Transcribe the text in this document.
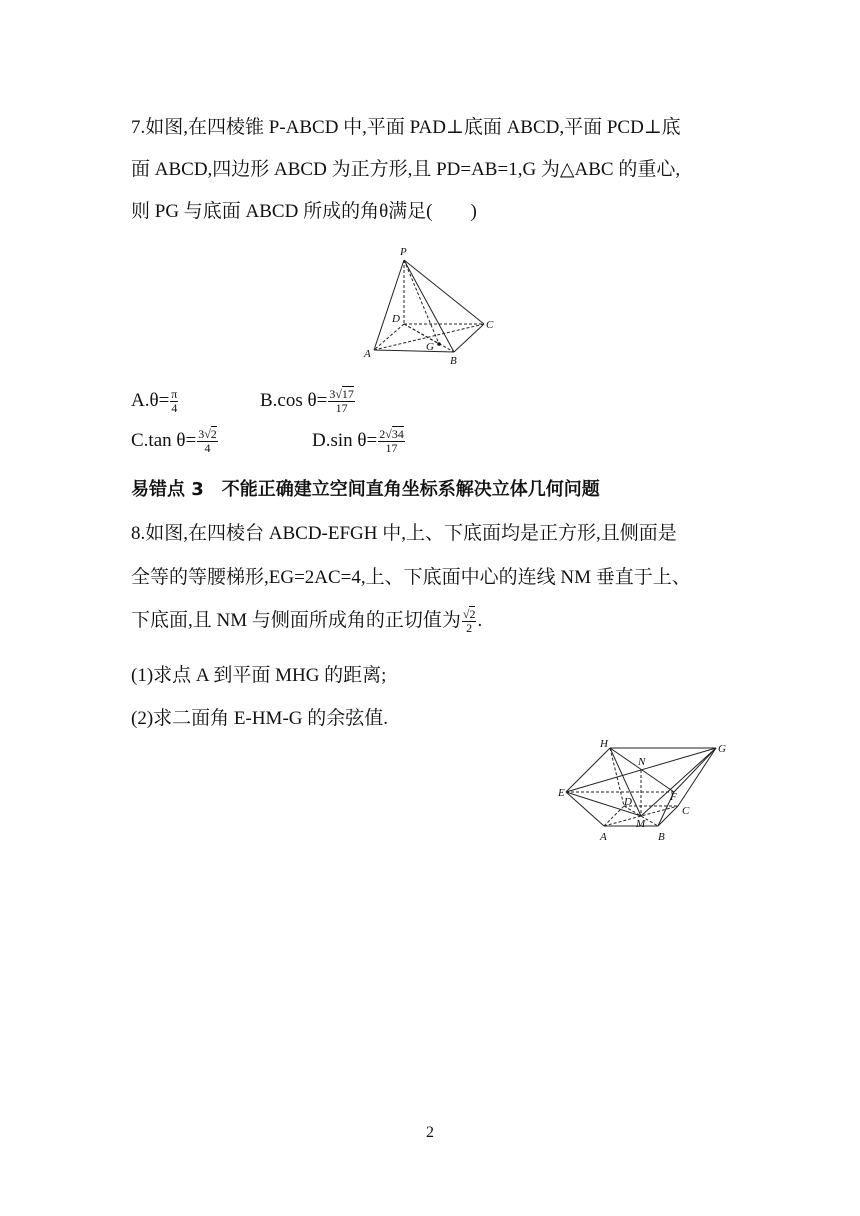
7.如图,在四棱锥 P-ABCD 中,平面 PAD⊥底面 ABCD,平面 PCD⊥底
面 ABCD,四边形 ABCD 为正方形,且 PD=AB=1,G 为△ABC 的重心,
则 PG 与底面 ABCD 所成的角θ满足(　　)
P
D	C
A
G
B
$A.\theta= \frac{\pi}{4}$	B.cos $\theta= \frac{3√17}{17}$
C.tan $\theta= \frac{3√2}{4}$	D.sin $\theta= \frac{2√34}{17}$
易错点 3　不能正确建立空间直角坐标系解决立体几何问题
8.如图,在四棱台 ABCD-EFGH 中,上、下底面均是正方形,且侧面是
全等的等腰梯形,EG=2AC=4,上、下底面中心的连线 NM 垂直于上、
下底面,且 NM 与侧面所成角的正切值为 $\frac{√2}{2}$ .
(1)求点 A 到平面 MHG 的距离;
(2)求二面角 E-HM-G 的余弦值.
H	G
N
E
D	F
C
M
A	B
2
